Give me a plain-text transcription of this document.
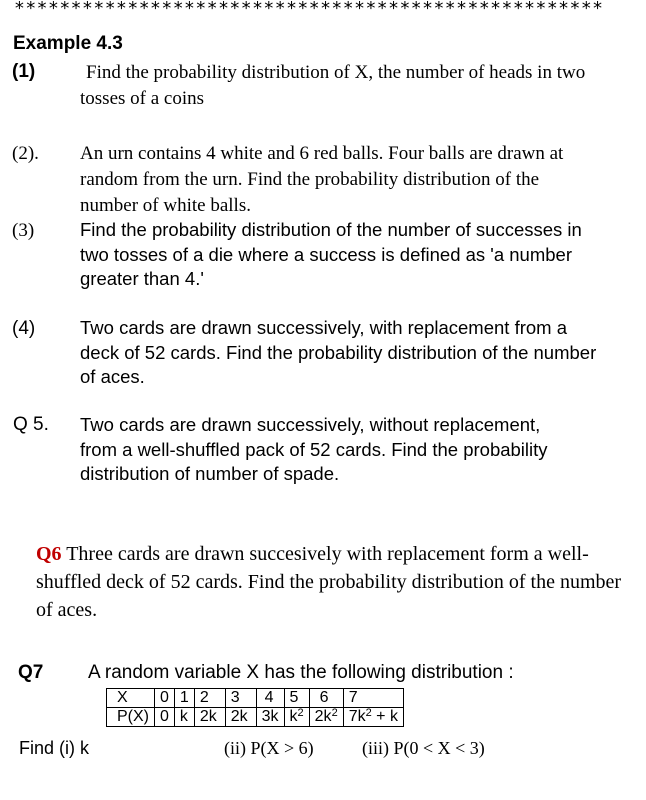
****************************************************
Example 4.3
(1)	Find the probability distribution of X, the number of heads in two tosses of a coins
(2). An urn contains 4 white and 6 red balls. Four balls are drawn at random from the urn. Find the probability distribution of the number of white balls.
(3) Find the probability distribution of the number of successes in two tosses of a die where a success is defined as 'a number greater than 4.'
(4) Two cards are drawn successively, with replacement from a deck of 52 cards. Find the probability distribution of the number of aces.
Q 5. Two cards are drawn successively, without replacement, from a well-shuffled pack of 52 cards. Find the probability distribution of number of spade.
Q6 Three cards are drawn succesively with replacement form a well-shuffled deck of 52 cards. Find the probability distribution of the number of aces.
Q7 A random variable X has the following distribution :
X	0	1	2	3	4	5	6	7
P(X)	0	k	2k	2k	3k	$k^2$	$2k^2$	$7k^2 + k$
Find (i) k	(ii) P(X > 6)	(iii) P(0 < X < 3)
